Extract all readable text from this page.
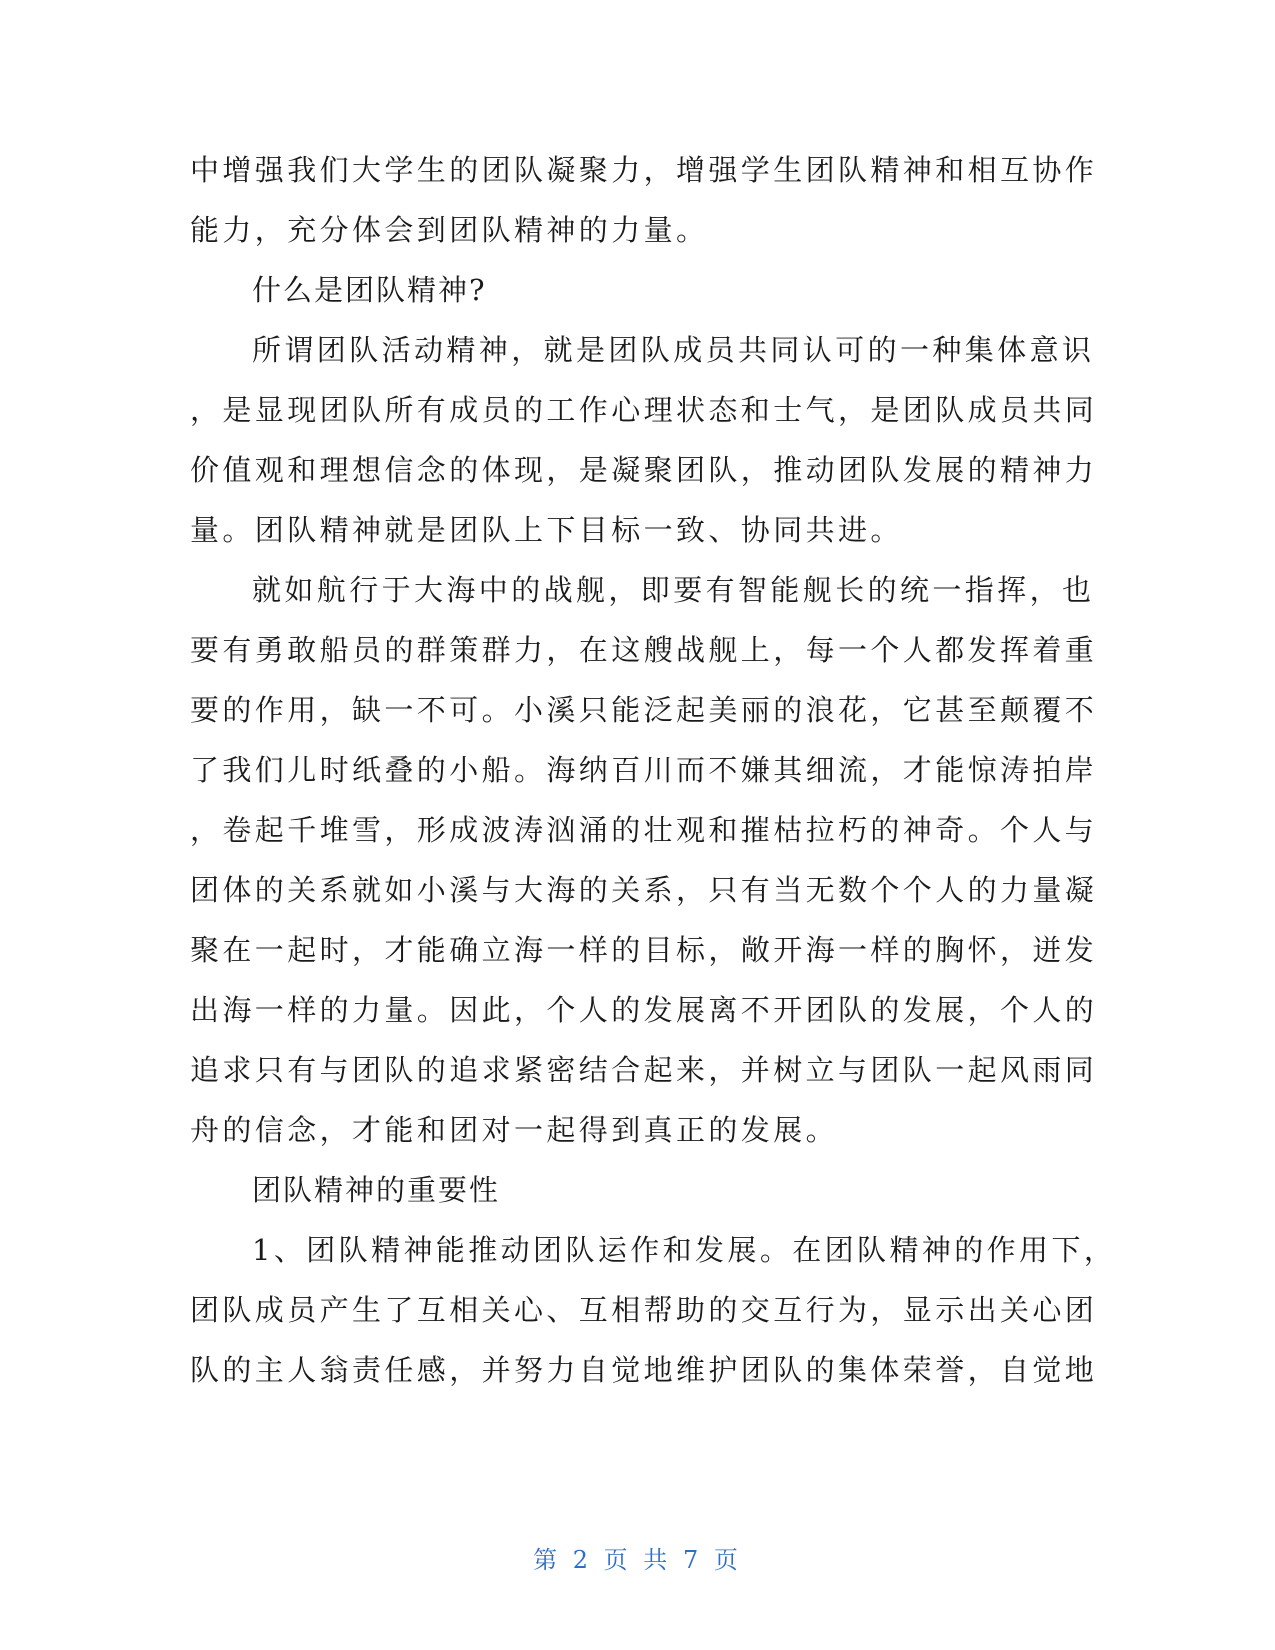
中增强我们大学生的团队凝聚力，增强学生团队精神和相互协作

能力，充分体会到团队精神的力量。

什么是团队精神?

所谓团队活动精神，就是团队成员共同认可的一种集体意识

，是显现团队所有成员的工作心理状态和士气，是团队成员共同

价值观和理想信念的体现，是凝聚团队，推动团队发展的精神力

量。团队精神就是团队上下目标一致、协同共进。

就如航行于大海中的战舰，即要有智能舰长的统一指挥，也

要有勇敢船员的群策群力，在这艘战舰上，每一个人都发挥着重

要的作用，缺一不可。小溪只能泛起美丽的浪花，它甚至颠覆不

了我们儿时纸叠的小船。海纳百川而不嫌其细流，才能惊涛拍岸

，卷起千堆雪，形成波涛汹涌的壮观和摧枯拉朽的神奇。个人与

团体的关系就如小溪与大海的关系，只有当无数个个人的力量凝

聚在一起时，才能确立海一样的目标，敞开海一样的胸怀，迸发

出海一样的力量。因此，个人的发展离不开团队的发展，个人的

追求只有与团队的追求紧密结合起来，并树立与团队一起风雨同

舟的信念，才能和团对一起得到真正的发展。

团队精神的重要性

1、团队精神能推动团队运作和发展。在团队精神的作用下，

团队成员产生了互相关心、互相帮助的交互行为，显示出关心团

队的主人翁责任感，并努力自觉地维护团队的集体荣誉，自觉地

第 2 页 共 7 页
